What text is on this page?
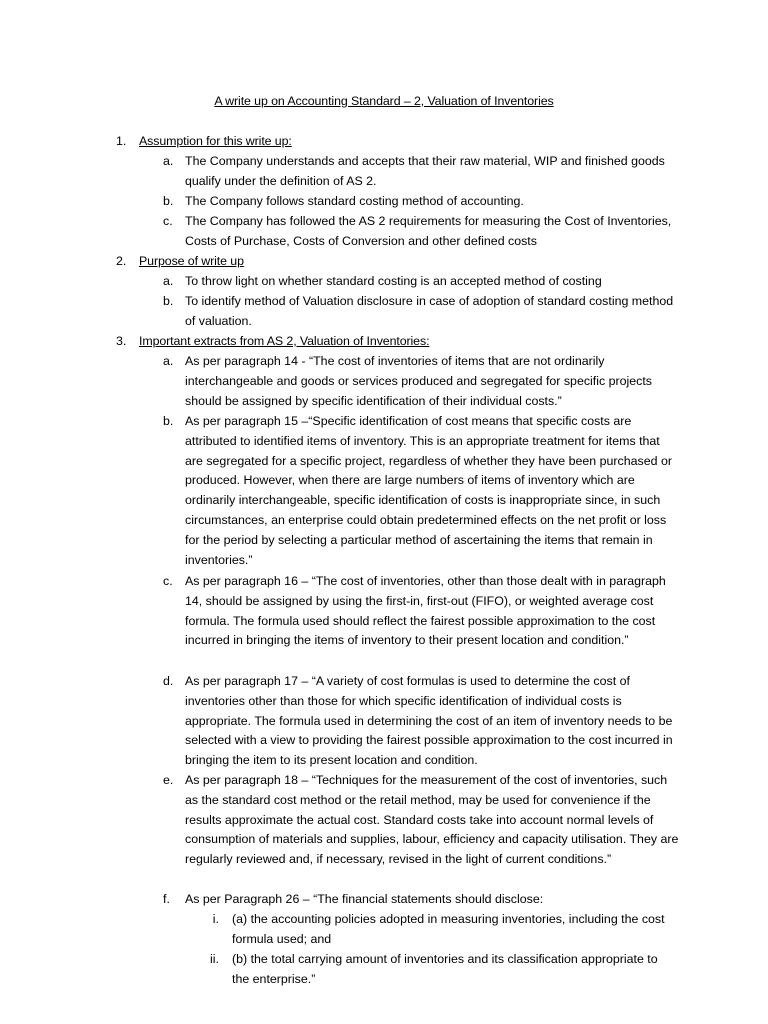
A write up on Accounting Standard – 2, Valuation of Inventories
1. Assumption for this write up:
a. The Company understands and accepts that their raw material, WIP and finished goods qualify under the definition of AS 2.
b. The Company follows standard costing method of accounting.
c. The Company has followed the AS 2 requirements for measuring the Cost of Inventories, Costs of Purchase, Costs of Conversion and other defined costs
2. Purpose of write up
a. To throw light on whether standard costing is an accepted method of costing
b. To identify method of Valuation disclosure in case of adoption of standard costing method of valuation.
3. Important extracts from AS 2, Valuation of Inventories:
a. As per paragraph 14 - “The cost of inventories of items that are not ordinarily interchangeable and goods or services produced and segregated for specific projects should be assigned by specific identification of their individual costs.”
b. As per paragraph 15 –“Specific identification of cost means that specific costs are attributed to identified items of inventory. This is an appropriate treatment for items that are segregated for a specific project, regardless of whether they have been purchased or produced. However, when there are large numbers of items of inventory which are ordinarily interchangeable, specific identification of costs is inappropriate since, in such circumstances, an enterprise could obtain predetermined effects on the net profit or loss for the period by selecting a particular method of ascertaining the items that remain in inventories.”
c. As per paragraph 16 – “The cost of inventories, other than those dealt with in paragraph 14, should be assigned by using the first-in, first-out (FIFO), or weighted average cost formula. The formula used should reflect the fairest possible approximation to the cost incurred in bringing the items of inventory to their present location and condition.”
d. As per paragraph 17 – “A variety of cost formulas is used to determine the cost of inventories other than those for which specific identification of individual costs is appropriate. The formula used in determining the cost of an item of inventory needs to be selected with a view to providing the fairest possible approximation to the cost incurred in bringing the item to its present location and condition.
e. As per paragraph 18 – “Techniques for the measurement of the cost of inventories, such as the standard cost method or the retail method, may be used for convenience if the results approximate the actual cost. Standard costs take into account normal levels of consumption of materials and supplies, labour, efficiency and capacity utilisation. They are regularly reviewed and, if necessary, revised in the light of current conditions.”
f. As per Paragraph 26 – “The financial statements should disclose:
i. (a) the accounting policies adopted in measuring inventories, including the cost formula used; and
ii. (b) the total carrying amount of inventories and its classification appropriate to the enterprise.”
